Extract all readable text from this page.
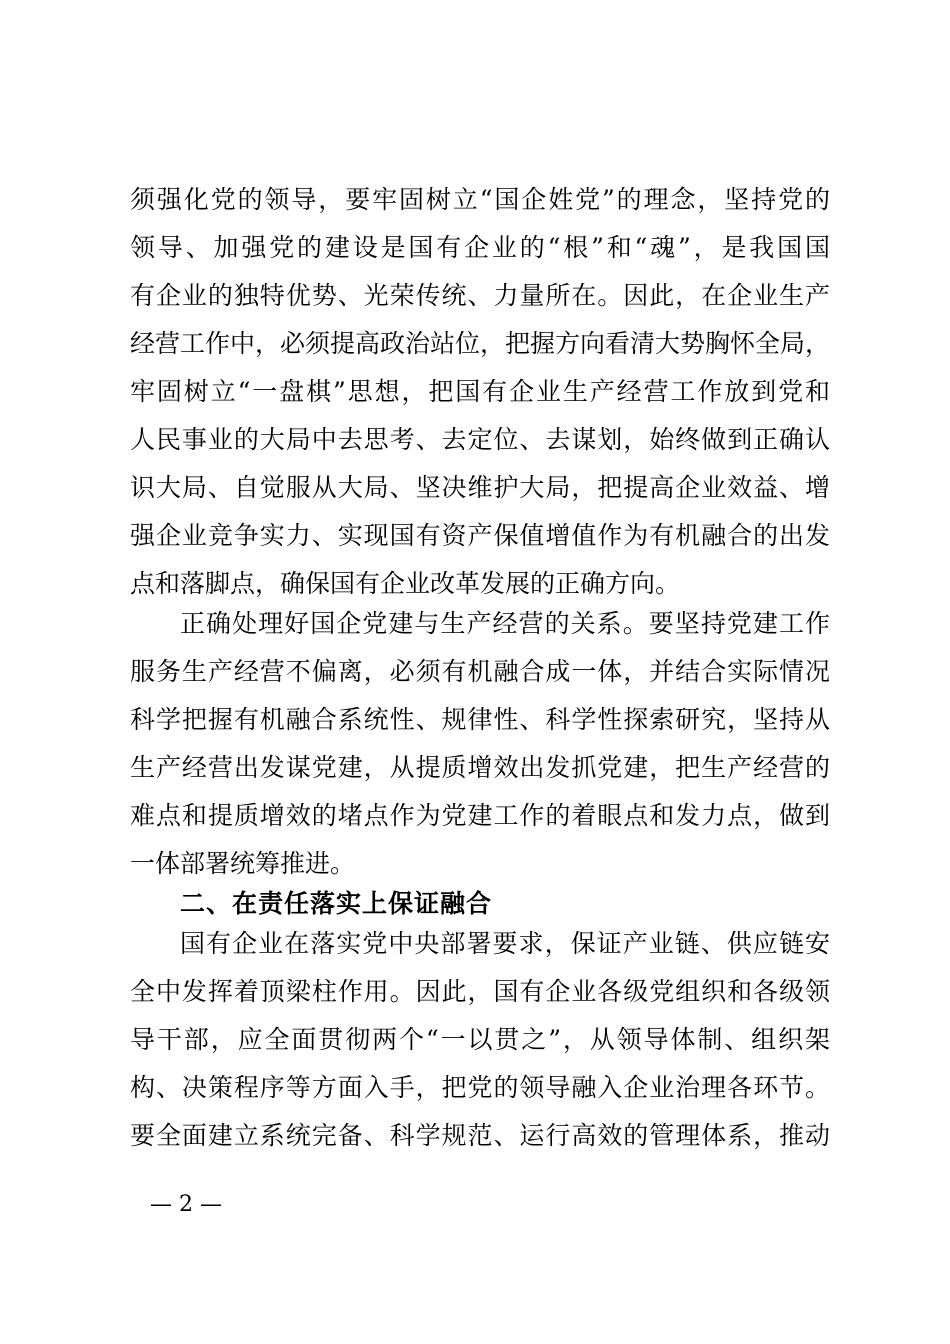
须强化党的领导，要牢固树立“国企姓党”的理念，坚持党的
领导、加强党的建设是国有企业的“根”和“魂”，是我国国
有企业的独特优势、光荣传统、力量所在。因此，在企业生产
经营工作中，必须提高政治站位，把握方向看清大势胸怀全局，
牢固树立“一盘棋”思想，把国有企业生产经营工作放到党和
人民事业的大局中去思考、去定位、去谋划，始终做到正确认
识大局、自觉服从大局、坚决维护大局，把提高企业效益、增
强企业竞争实力、实现国有资产保值增值作为有机融合的出发
点和落脚点，确保国有企业改革发展的正确方向。
正确处理好国企党建与生产经营的关系。要坚持党建工作
服务生产经营不偏离，必须有机融合成一体，并结合实际情况
科学把握有机融合系统性、规律性、科学性探索研究，坚持从
生产经营出发谋党建，从提质增效出发抓党建，把生产经营的
难点和提质增效的堵点作为党建工作的着眼点和发力点，做到
一体部署统筹推进。
二、在责任落实上保证融合
国有企业在落实党中央部署要求，保证产业链、供应链安
全中发挥着顶梁柱作用。因此，国有企业各级党组织和各级领
导干部，应全面贯彻两个“一以贯之”，从领导体制、组织架
构、决策程序等方面入手，把党的领导融入企业治理各环节。
要全面建立系统完备、科学规范、运行高效的管理体系，推动
— 2 —
